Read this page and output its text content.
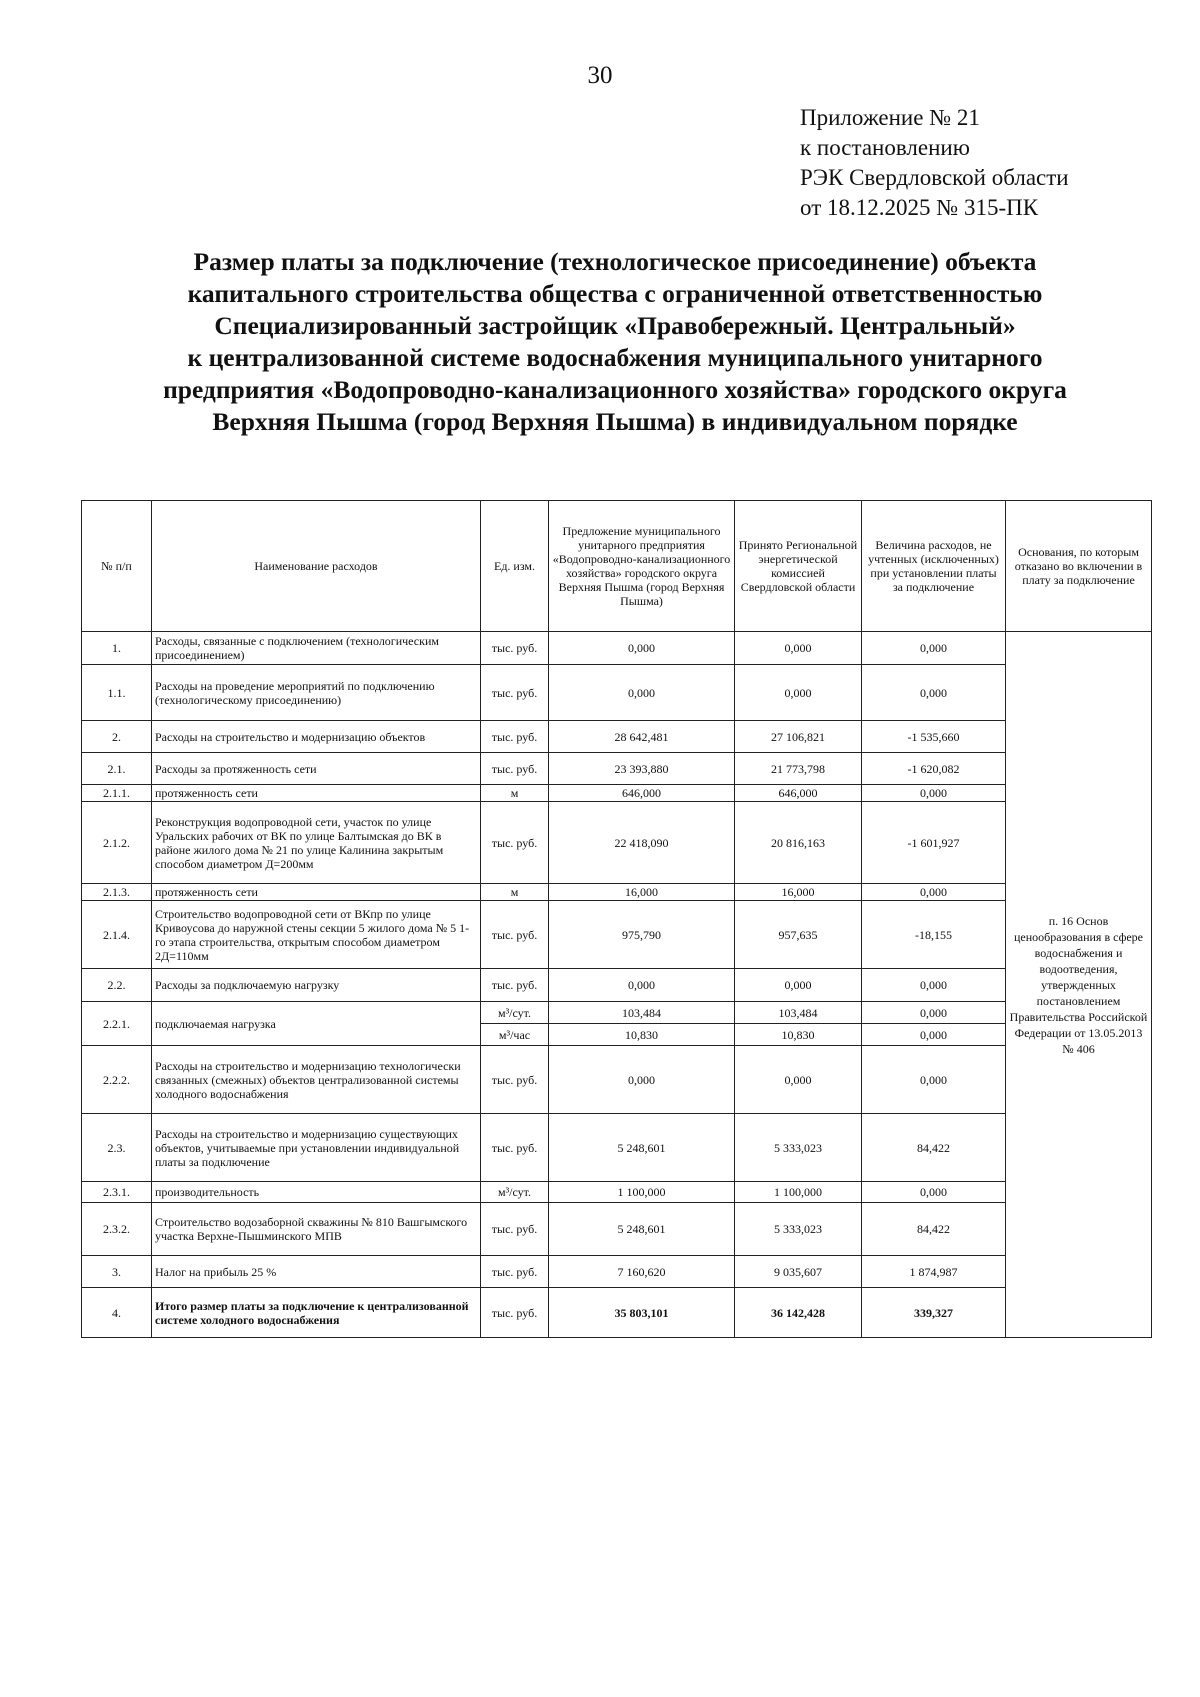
30
Приложение № 21
к постановлению
РЭК Свердловской области
от 18.12.2025 № 315-ПК
Размер платы за подключение (технологическое присоединение) объекта
капитального строительства общества с ограниченной ответственностью
Специализированный застройщик «Правобережный. Центральный»
к централизованной системе водоснабжения муниципального унитарного
предприятия «Водопроводно-канализационного хозяйства» городского округа
Верхняя Пышма (город Верхняя Пышма) в индивидуальном порядке
№ п/п	Наименование расходов	Ед. изм.	Предложение муниципального унитарного предприятия «Водопроводно-канализационного хозяйства» городского округа Верхняя Пышма (город Верхняя Пышма)	Принято Региональной энергетической комиссией Свердловской области	Величина расходов, не учтенных (исключенных) при установлении платы за подключение	Основания, по которым отказано во включении в плату за подключение
1.	Расходы, связанные с подключением (технологическим присоединением)	тыс. руб.	0,000	0,000	0,000	п. 16 Основ ценообразования в сфере водоснабжения и водоотведения, утвержденных постановлением Правительства Российской Федерации от 13.05.2013 № 406
1.1.	Расходы на проведение мероприятий по подключению (технологическому присоединению)	тыс. руб.	0,000	0,000	0,000	
2.	Расходы на строительство и модернизацию объектов	тыс. руб.	28 642,481	27 106,821	-1 535,660	
2.1.	Расходы за протяженность сети	тыс. руб.	23 393,880	21 773,798	-1 620,082	
2.1.1.	протяженность сети	м	646,000	646,000	0,000	
2.1.2.	Реконструкция водопроводной сети, участок по улице Уральских рабочих от ВК по улице Балтымская до ВК в районе жилого дома № 21 по улице Калинина закрытым способом диаметром Д=200мм	тыс. руб.	22 418,090	20 816,163	-1 601,927	
2.1.3.	протяженность сети	м	16,000	16,000	0,000	
2.1.4.	Строительство водопроводной сети от ВКпр по улице Кривоусова до наружной стены секции 5 жилого дома № 5 1-го этапа строительства, открытым способом диаметром 2Д=110мм	тыс. руб.	975,790	957,635	-18,155	
2.2.	Расходы за подключаемую нагрузку	тыс. руб.	0,000	0,000	0,000	
2.2.1.	подключаемая нагрузка	м³/сут.	103,484	103,484	0,000	
		м³/час	10,830	10,830	0,000	
2.2.2.	Расходы на строительство и модернизацию технологически связанных (смежных) объектов централизованной системы холодного водоснабжения	тыс. руб.	0,000	0,000	0,000	
2.3.	Расходы на строительство и модернизацию существующих объектов, учитываемые при установлении индивидуальной платы за подключение	тыс. руб.	5 248,601	5 333,023	84,422	
2.3.1.	производительность	м³/сут.	1 100,000	1 100,000	0,000	
2.3.2.	Строительство водозаборной скважины № 810 Вашгымского участка Верхне-Пышминского МПВ	тыс. руб.	5 248,601	5 333,023	84,422	
3.	Налог на прибыль 25 %	тыс. руб.	7 160,620	9 035,607	1 874,987	
4.	Итого размер платы за подключение к централизованной системе холодного водоснабжения	тыс. руб.	35 803,101	36 142,428	339,327	
